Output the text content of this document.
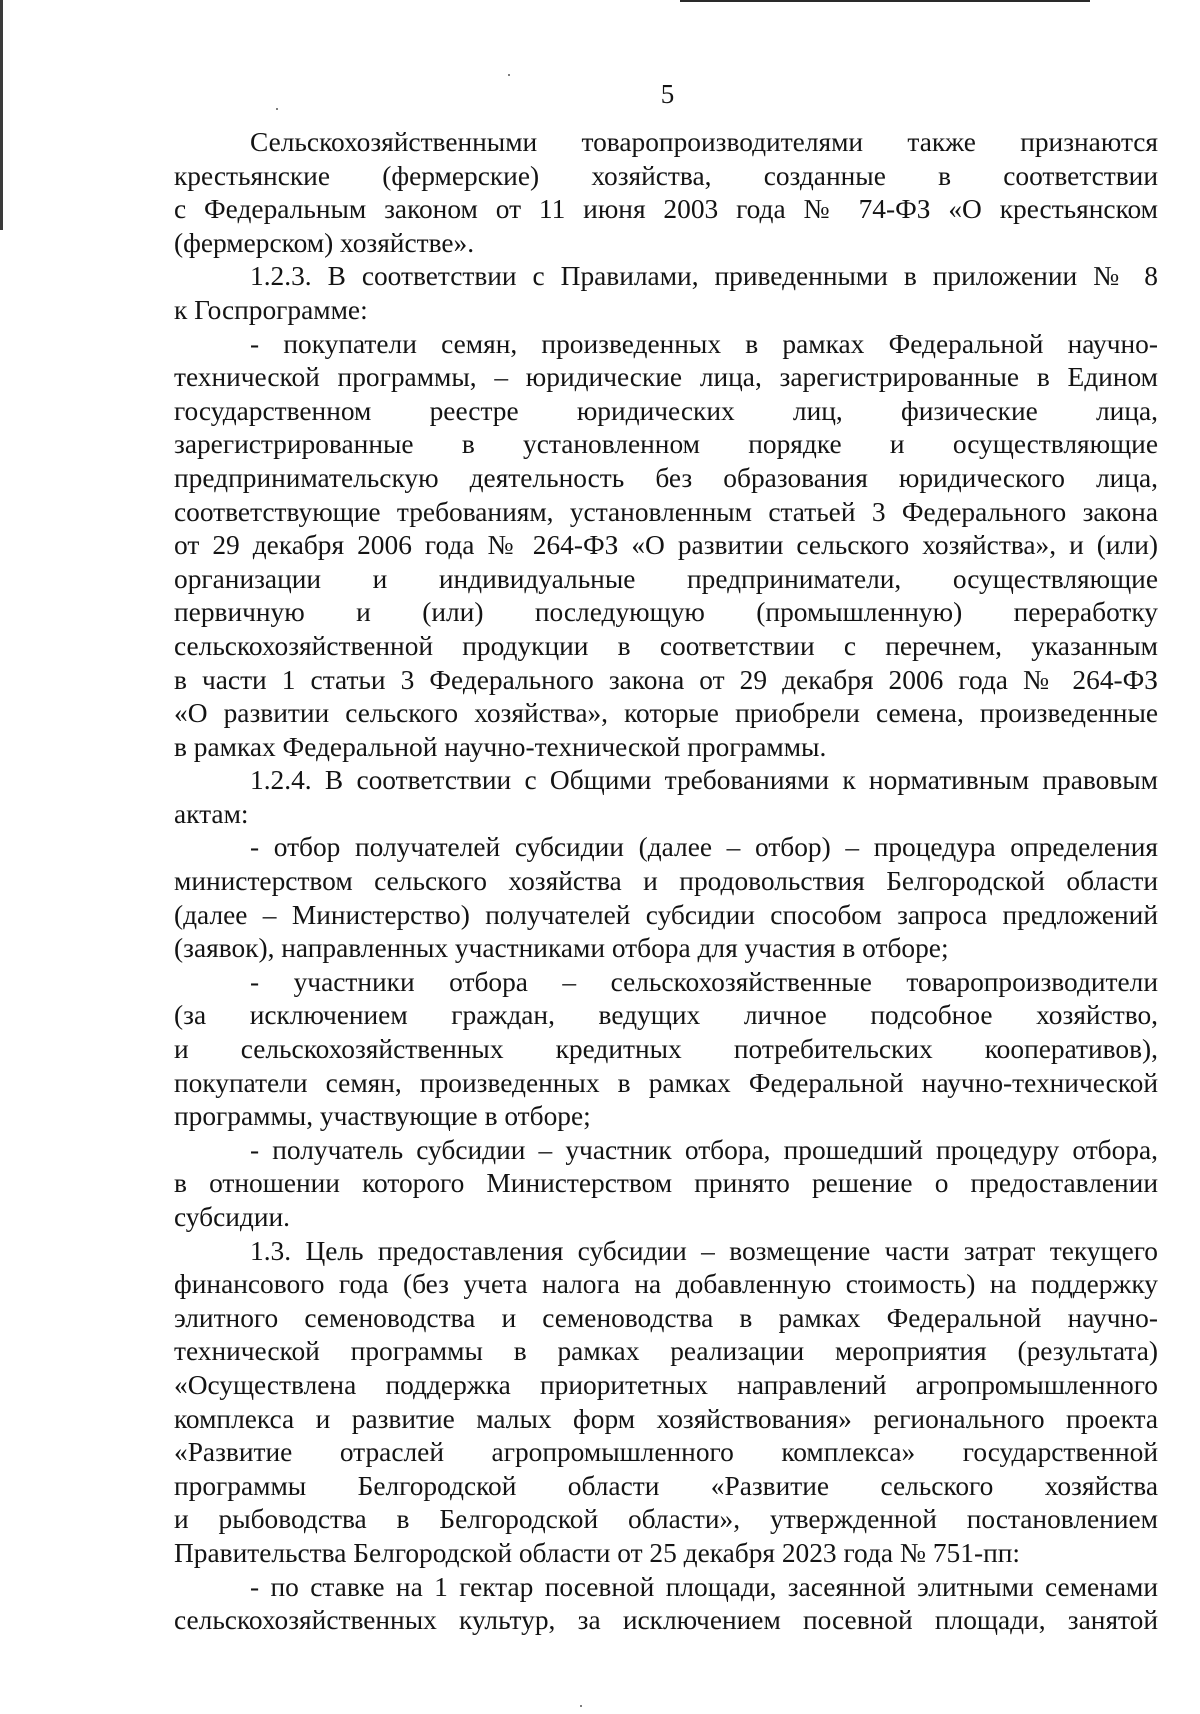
5

Сельскохозяйственными товаропроизводителями также признаются

крестьянские (фермерские) хозяйства, созданные в соответствии

с Федеральным законом от 11 июня 2003 года № 74-ФЗ «О крестьянском

(фермерском) хозяйстве».

1.2.3. В соответствии с Правилами, приведенными в приложении № 8

к Госпрограмме:

- покупатели семян, произведенных в рамках Федеральной научно-

технической программы, – юридические лица, зарегистрированные в Едином

государственном реестре юридических лиц, физические лица,

зарегистрированные в установленном порядке и осуществляющие

предпринимательскую деятельность без образования юридического лица,

соответствующие требованиям, установленным статьей 3 Федерального закона

от 29 декабря 2006 года № 264-ФЗ «О развитии сельского хозяйства», и (или)

организации и индивидуальные предприниматели, осуществляющие

первичную и (или) последующую (промышленную) переработку

сельскохозяйственной продукции в соответствии с перечнем, указанным

в части 1 статьи 3 Федерального закона от 29 декабря 2006 года № 264-ФЗ

«О развитии сельского хозяйства», которые приобрели семена, произведенные

в рамках Федеральной научно-технической программы.

1.2.4. В соответствии с Общими требованиями к нормативным правовым

актам:

- отбор получателей субсидии (далее – отбор) – процедура определения

министерством сельского хозяйства и продовольствия Белгородской области

(далее – Министерство) получателей субсидии способом запроса предложений

(заявок), направленных участниками отбора для участия в отборе;

- участники отбора – сельскохозяйственные товаропроизводители

(за исключением граждан, ведущих личное подсобное хозяйство,

и сельскохозяйственных кредитных потребительских кооперативов),

покупатели семян, произведенных в рамках Федеральной научно-технической

программы, участвующие в отборе;

- получатель субсидии – участник отбора, прошедший процедуру отбора,

в отношении которого Министерством принято решение о предоставлении

субсидии.

1.3. Цель предоставления субсидии – возмещение части затрат текущего

финансового года (без учета налога на добавленную стоимость) на поддержку

элитного семеноводства и семеноводства в рамках Федеральной научно-

технической программы в рамках реализации мероприятия (результата)

«Осуществлена поддержка приоритетных направлений агропромышленного

комплекса и развитие малых форм хозяйствования» регионального проекта

«Развитие отраслей агропромышленного комплекса» государственной

программы Белгородской области «Развитие сельского хозяйства

и рыбоводства в Белгородской области», утвержденной постановлением

Правительства Белгородской области от 25 декабря 2023 года № 751-пп:

- по ставке на 1 гектар посевной площади, засеянной элитными семенами

сельскохозяйственных культур, за исключением посевной площади, занятой
